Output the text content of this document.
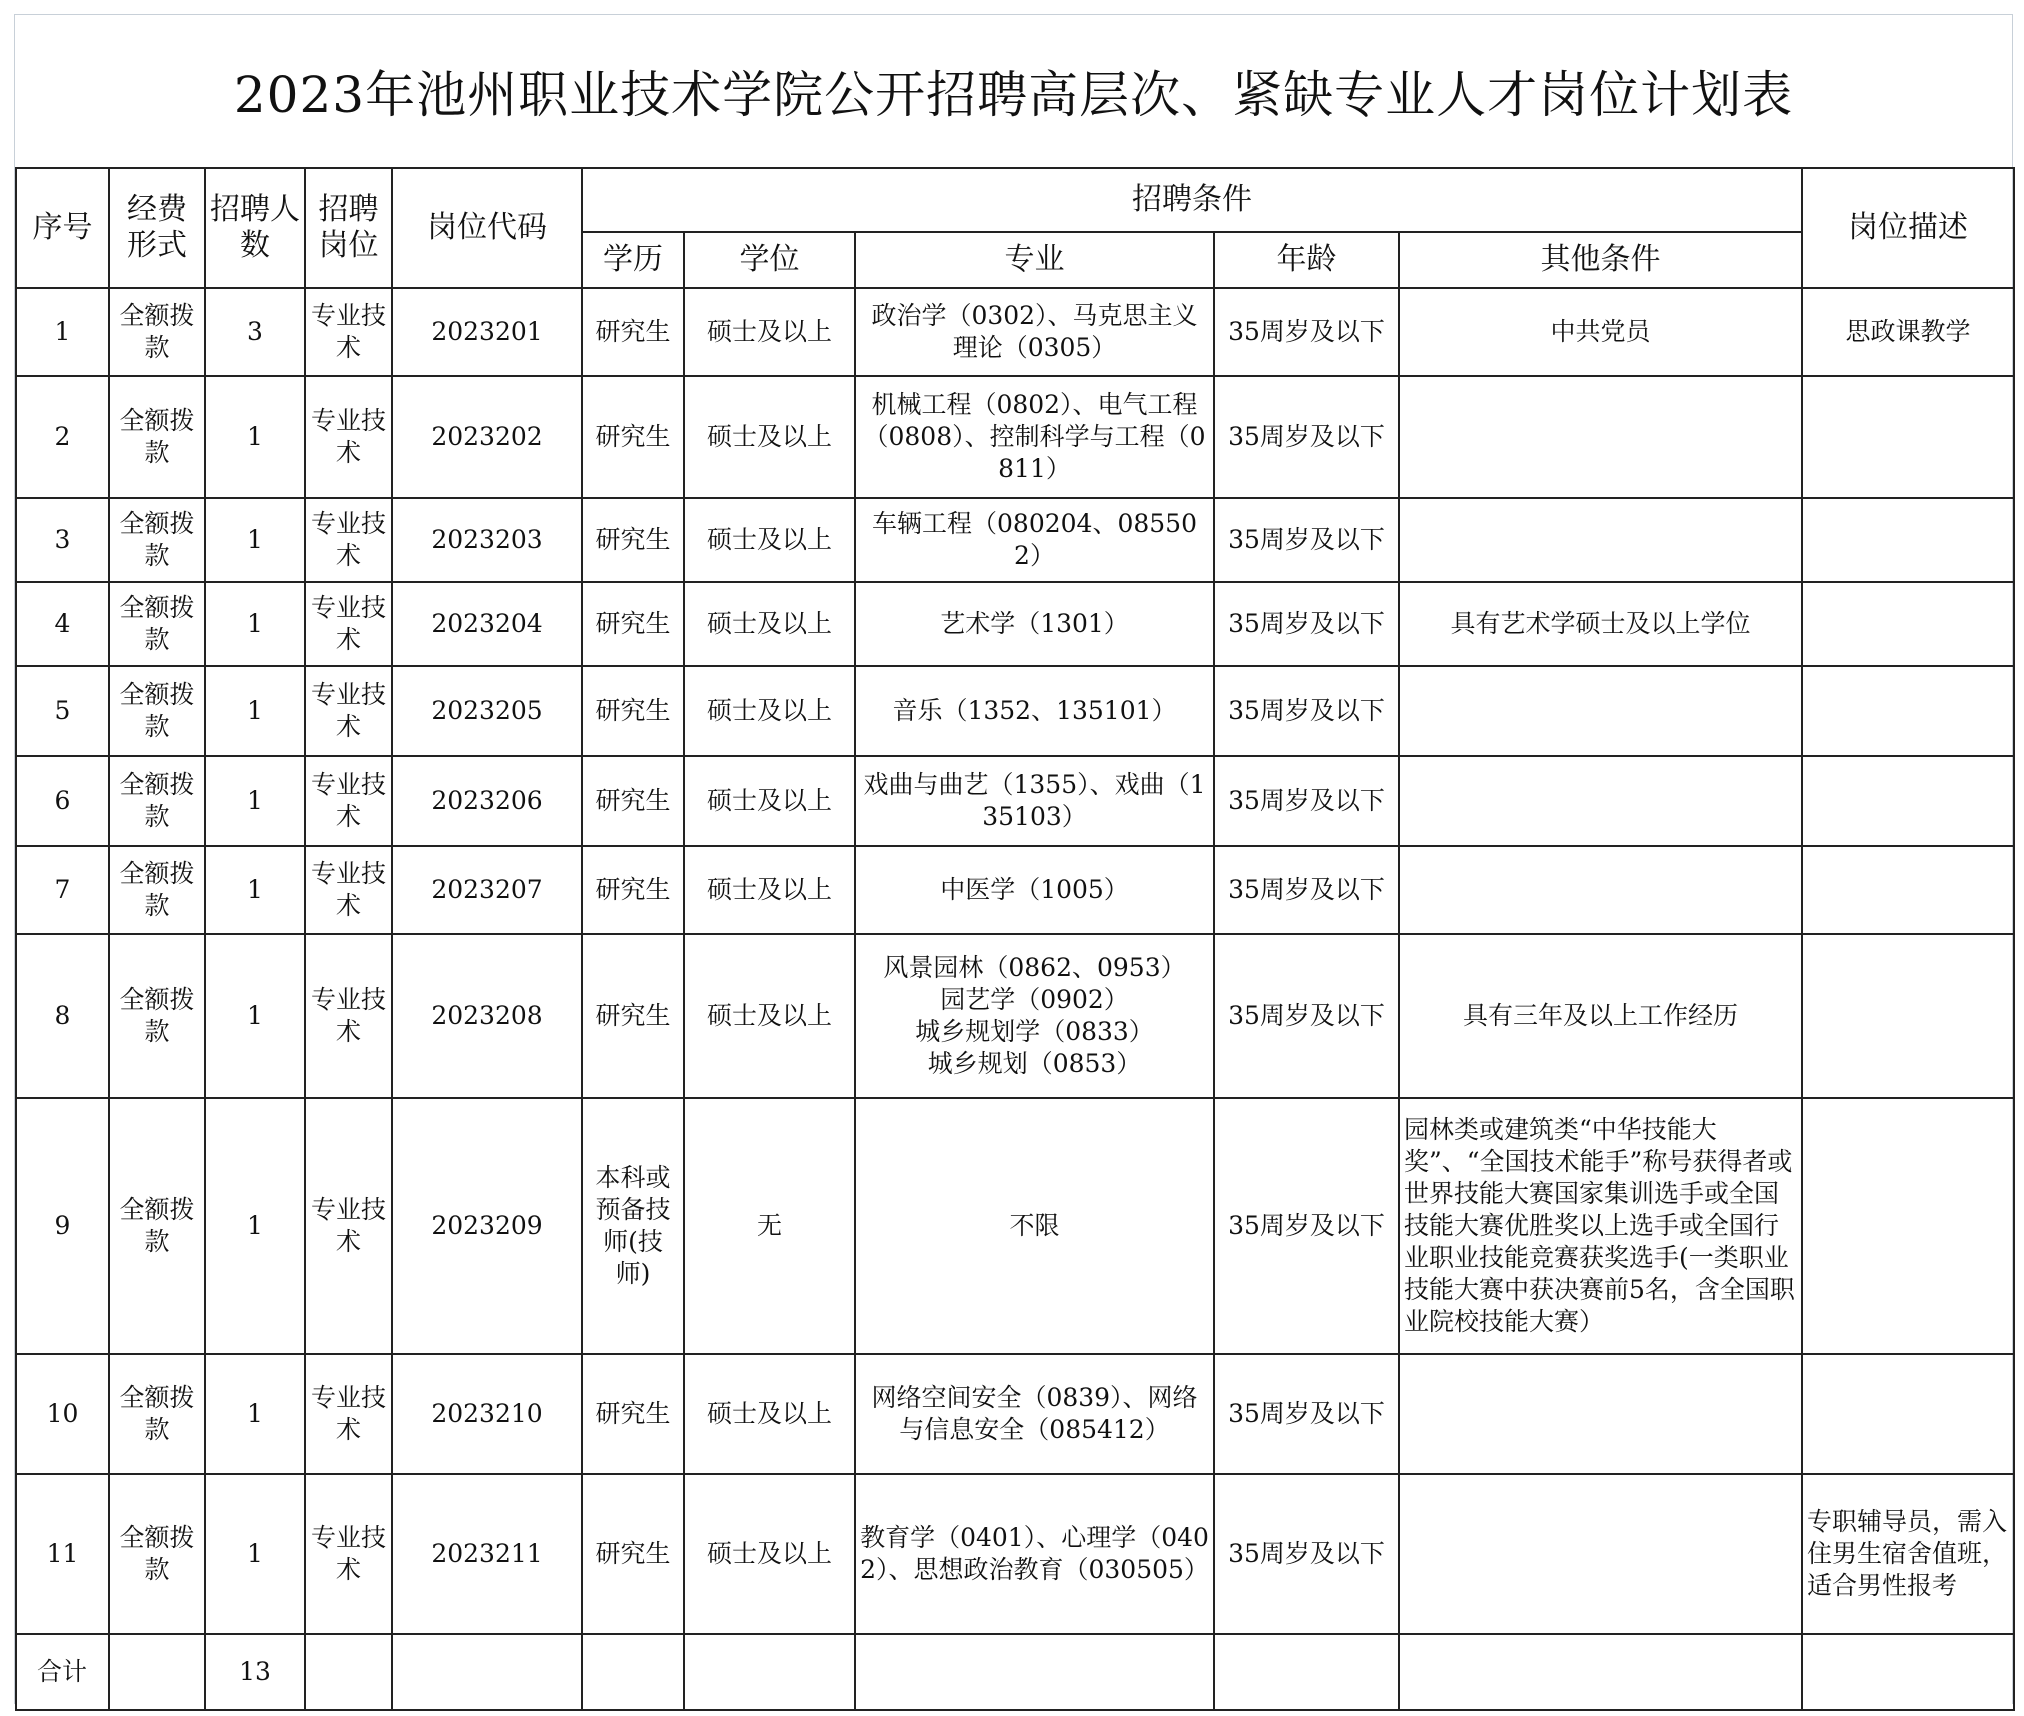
2023年池州职业技术学院公开招聘高层次、紧缺专业人才岗位计划表
序号	经费形式	招聘人数	招聘岗位	岗位代码	招聘条件					岗位描述
					学历	学位	专业	年龄	其他条件	
1	全额拨款	3	专业技术	2023201	研究生	硕士及以上	政治学（0302）、马克思主义理论（0305）	35周岁及以下	中共党员	思政课教学
2	全额拨款	1	专业技术	2023202	研究生	硕士及以上	机械工程（0802）、电气工程（0808）、控制科学与工程（0811）	35周岁及以下		
3	全额拨款	1	专业技术	2023203	研究生	硕士及以上	车辆工程（080204、085502）	35周岁及以下		
4	全额拨款	1	专业技术	2023204	研究生	硕士及以上	艺术学（1301）	35周岁及以下	具有艺术学硕士及以上学位	
5	全额拨款	1	专业技术	2023205	研究生	硕士及以上	音乐（1352、135101）	35周岁及以下		
6	全额拨款	1	专业技术	2023206	研究生	硕士及以上	戏曲与曲艺（1355）、戏曲（135103）	35周岁及以下		
7	全额拨款	1	专业技术	2023207	研究生	硕士及以上	中医学（1005）	35周岁及以下		
8	全额拨款	1	专业技术	2023208	研究生	硕士及以上	风景园林（0862、0953）
园艺学（0902）
城乡规划学（0833）
城乡规划（0853）	35周岁及以下	具有三年及以上工作经历	
9	全额拨款	1	专业技术	2023209	本科或预备技师(技师)	无	不限	35周岁及以下	园林类或建筑类“中华技能大奖”、“全国技术能手”称号获得者或世界技能大赛国家集训选手或全国技能大赛优胜奖以上选手或全国行业职业技能竞赛获奖选手(一类职业技能大赛中获决赛前5名，含全国职业院校技能大赛）	
10	全额拨款	1	专业技术	2023210	研究生	硕士及以上	网络空间安全（0839）、网络与信息安全（085412）	35周岁及以下		
11	全额拨款	1	专业技术	2023211	研究生	硕士及以上	教育学（0401）、心理学（0402）、思想政治教育（030505）	35周岁及以下		专职辅导员，需入住男生宿舍值班，适合男性报考
合计		13								
